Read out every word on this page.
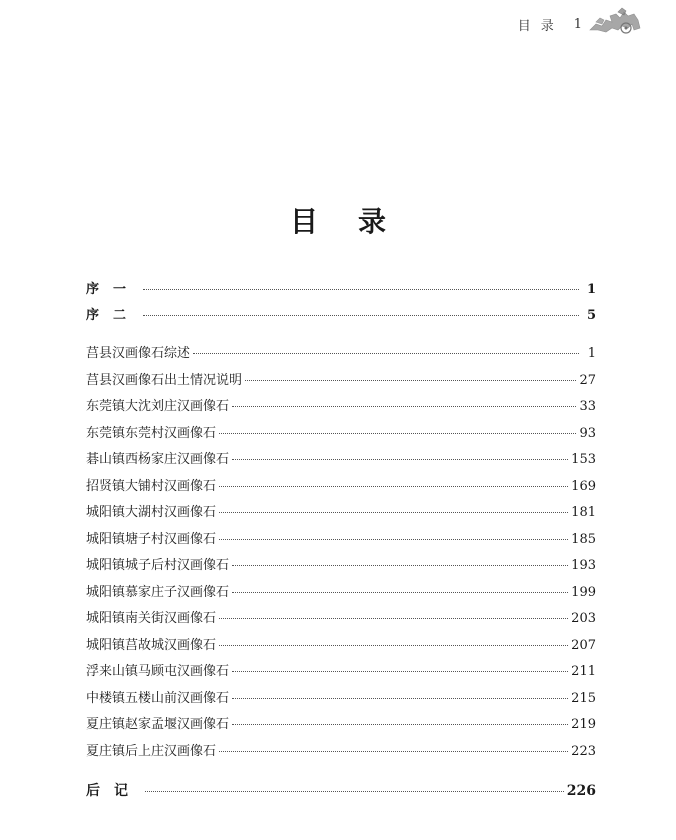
目录 1
目录
序一	1
序二	5
莒县汉画像石综述	1
莒县汉画像石出土情况说明	27
东莞镇大沈刘庄汉画像石	33
东莞镇东莞村汉画像石	93
碁山镇西杨家庄汉画像石	153
招贤镇大铺村汉画像石	169
城阳镇大湖村汉画像石	181
城阳镇塘子村汉画像石	185
城阳镇城子后村汉画像石	193
城阳镇慕家庄子汉画像石	199
城阳镇南关街汉画像石	203
城阳镇莒故城汉画像石	207
浮来山镇马顾屯汉画像石	211
中楼镇五楼山前汉画像石	215
夏庄镇赵家孟堰汉画像石	219
夏庄镇后上庄汉画像石	223
后记	226
